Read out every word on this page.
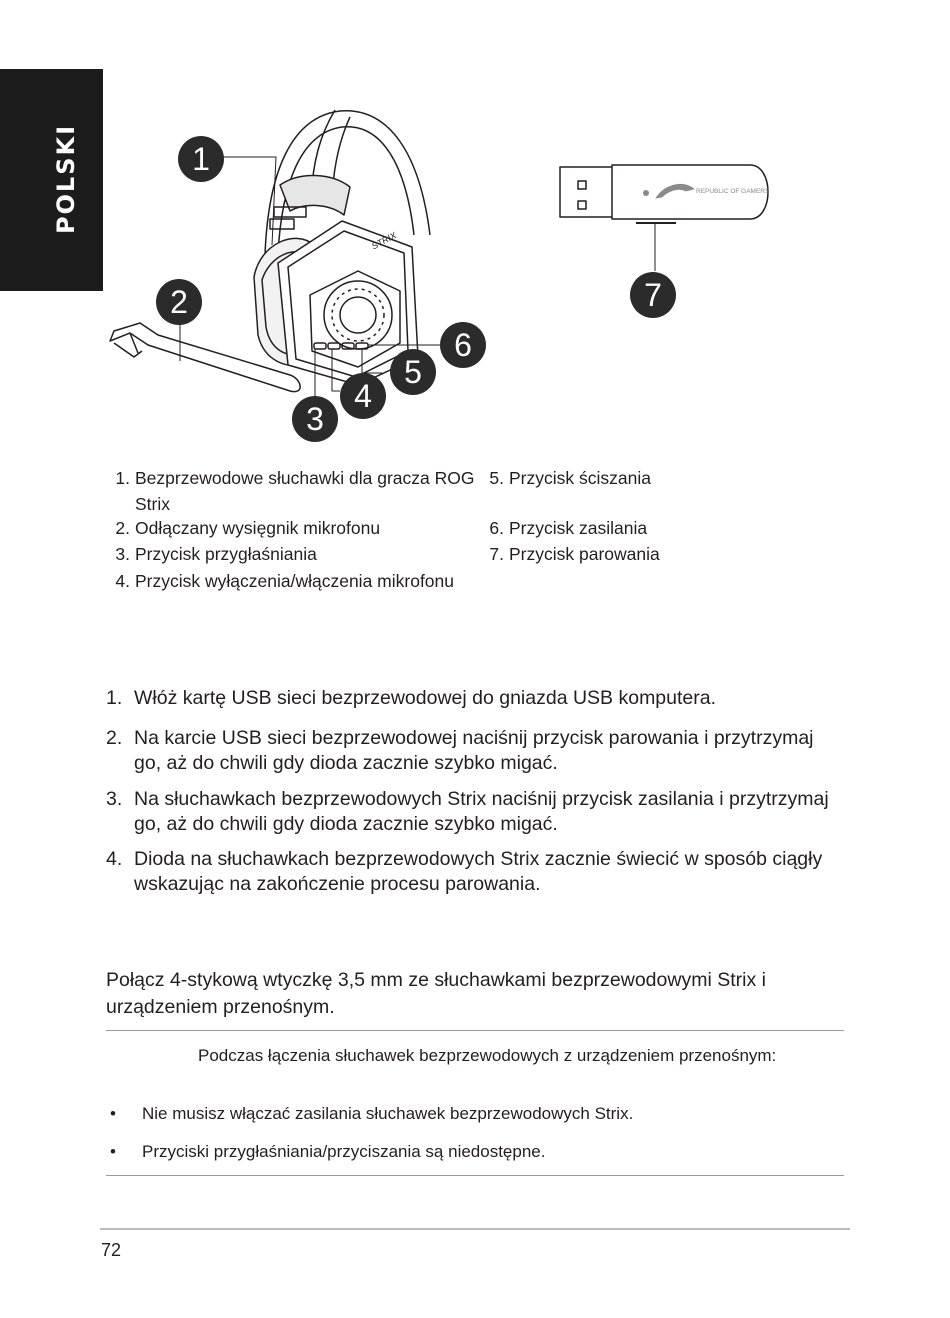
POLSKI
STRIX
REPUBLIC OF GAMERS
1
2
3
4
5
6
7
1. Bezprzewodowe słuchawki dla gracza ROG Strix
2. Odłączany wysięgnik mikrofonu
3. Przycisk przygłaśniania
4. Przycisk wyłączenia/włączenia mikrofonu
5. Przycisk ściszania
6. Przycisk zasilania
7. Przycisk parowania
1. Włóż kartę USB sieci bezprzewodowej do gniazda USB komputera.
2. Na karcie USB sieci bezprzewodowej naciśnij przycisk parowania i przytrzymaj go, aż do chwili gdy dioda zacznie szybko migać.
3. Na słuchawkach bezprzewodowych Strix naciśnij przycisk zasilania i przytrzymaj go, aż do chwili gdy dioda zacznie szybko migać.
4. Dioda na słuchawkach bezprzewodowych Strix zacznie świecić w sposób ciągły wskazując na zakończenie procesu parowania.
Połącz 4-stykową wtyczkę 3,5 mm ze słuchawkami bezprzewodowymi Strix i urządzeniem przenośnym.
Podczas łączenia słuchawek bezprzewodowych z urządzeniem przenośnym:
• Nie musisz włączać zasilania słuchawek bezprzewodowych Strix.
• Przyciski przygłaśniania/przyciszania są niedostępne.
72
